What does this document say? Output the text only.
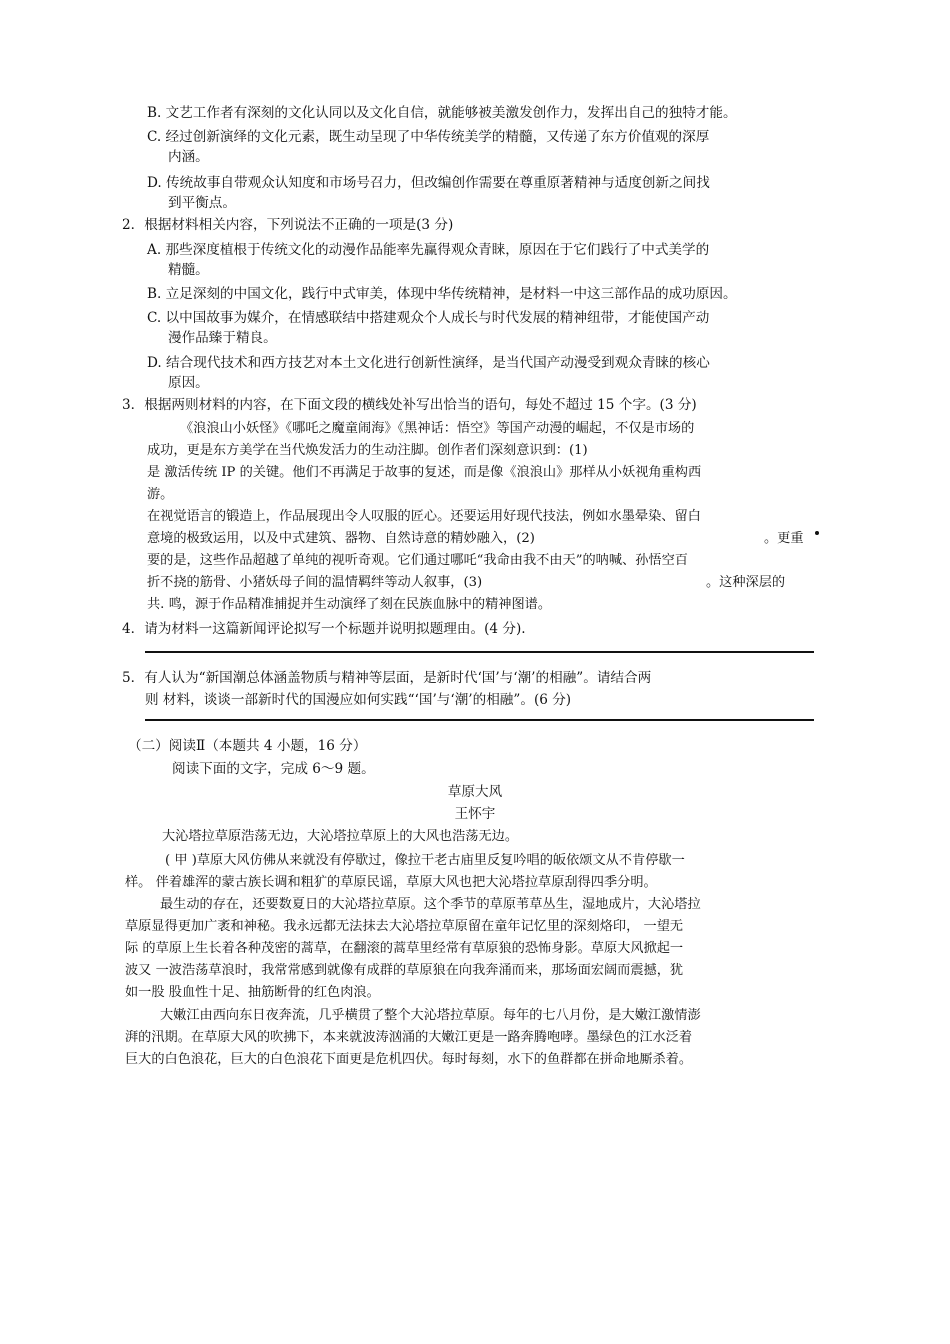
B. 文艺工作者有深刻的文化认同以及文化自信，就能够被美激发创作力，发挥出自己的独特才能。
C. 经过创新演绎的文化元素，既生动呈现了中华传统美学的精髓，又传递了东方价值观的深厚
内涵。
D. 传统故事自带观众认知度和市场号召力，但改编创作需要在尊重原著精神与适度创新之间找
到平衡点。
2．根据材料相关内容，下列说法不正确的一项是(3 分)
A. 那些深度植根于传统文化的动漫作品能率先赢得观众青睐，原因在于它们践行了中式美学的
精髓。
B. 立足深刻的中国文化，践行中式审美，体现中华传统精神，是材料一中这三部作品的成功原因。
C. 以中国故事为媒介，在情感联结中搭建观众个人成长与时代发展的精神纽带，才能使国产动
漫作品臻于精良。
D. 结合现代技术和西方技艺对本土文化进行创新性演绎，是当代国产动漫受到观众青睐的核心
原因。
3．根据两则材料的内容，在下面文段的横线处补写出恰当的语句，每处不超过 15 个字。(3 分)
《浪浪山小妖怪》《哪吒之魔童闹海》《黑神话：悟空》等国产动漫的崛起，不仅是市场的
成功，更是东方美学在当代焕发活力的生动注脚。创作者们深刻意识到：(1)
是 激活传统 IP 的关键。他们不再满足于故事的复述，而是像《浪浪山》那样从小妖视角重构西
游。
在视觉语言的锻造上，作品展现出令人叹服的匠心。还要运用好现代技法，例如水墨晕染、留白
意境的极致运用，以及中式建筑、器物、自然诗意的精妙融入，(2)	。更重
要的是，这些作品超越了单纯的视听奇观。它们通过哪吒“我命由我不由天”的呐喊、孙悟空百
折不挠的筋骨、小猪妖母子间的温情羁绊等动人叙事，(3)	。这种深层的
共. 鸣，源于作品精准捕捉并生动演绎了刻在民族血脉中的精神图谱。
4．请为材料一这篇新闻评论拟写一个标题并说明拟题理由。(4 分).
5．有人认为“新国潮总体涵盖物质与精神等层面，是新时代‘国’与‘潮’的相融”。请结合两
则 材料，谈谈一部新时代的国漫应如何实践“‘国’与‘潮’的相融”。(6 分)
（二）阅读Ⅱ（本题共 4 小题，16 分）
阅读下面的文字，完成 6～9 题。
草原大风
王怀宇
大沁塔拉草原浩荡无边，大沁塔拉草原上的大风也浩荡无边。
( 甲 )草原大风仿佛从来就没有停歇过，像拉干老古庙里反复吟唱的皈依颂文从不肯停歇一
样。 伴着雄浑的蒙古族长调和粗犷的草原民谣，草原大风也把大沁塔拉草原刮得四季分明。
最生动的存在，还要数夏日的大沁塔拉草原。这个季节的草原苇草丛生，湿地成片，大沁塔拉
草原显得更加广袤和神秘。我永远都无法抹去大沁塔拉草原留在童年记忆里的深刻烙印， 一望无
际 的草原上生长着各种茂密的蒿草，在翻滚的蒿草里经常有草原狼的恐怖身影。草原大风掀起一
波又 一波浩荡草浪时，我常常感到就像有成群的草原狼在向我奔涌而来，那场面宏阔而震撼，犹
如一股 股血性十足、抽筋断骨的红色肉浪。
大嫩江由西向东日夜奔流，几乎横贯了整个大沁塔拉草原。每年的七八月份，是大嫩江激情澎
湃的汛期。在草原大风的吹拂下，本来就波涛汹涌的大嫩江更是一路奔腾咆哮。墨绿色的江水泛着
巨大的白色浪花，巨大的白色浪花下面更是危机四伏。每时每刻，水下的鱼群都在拼命地厮杀着。
